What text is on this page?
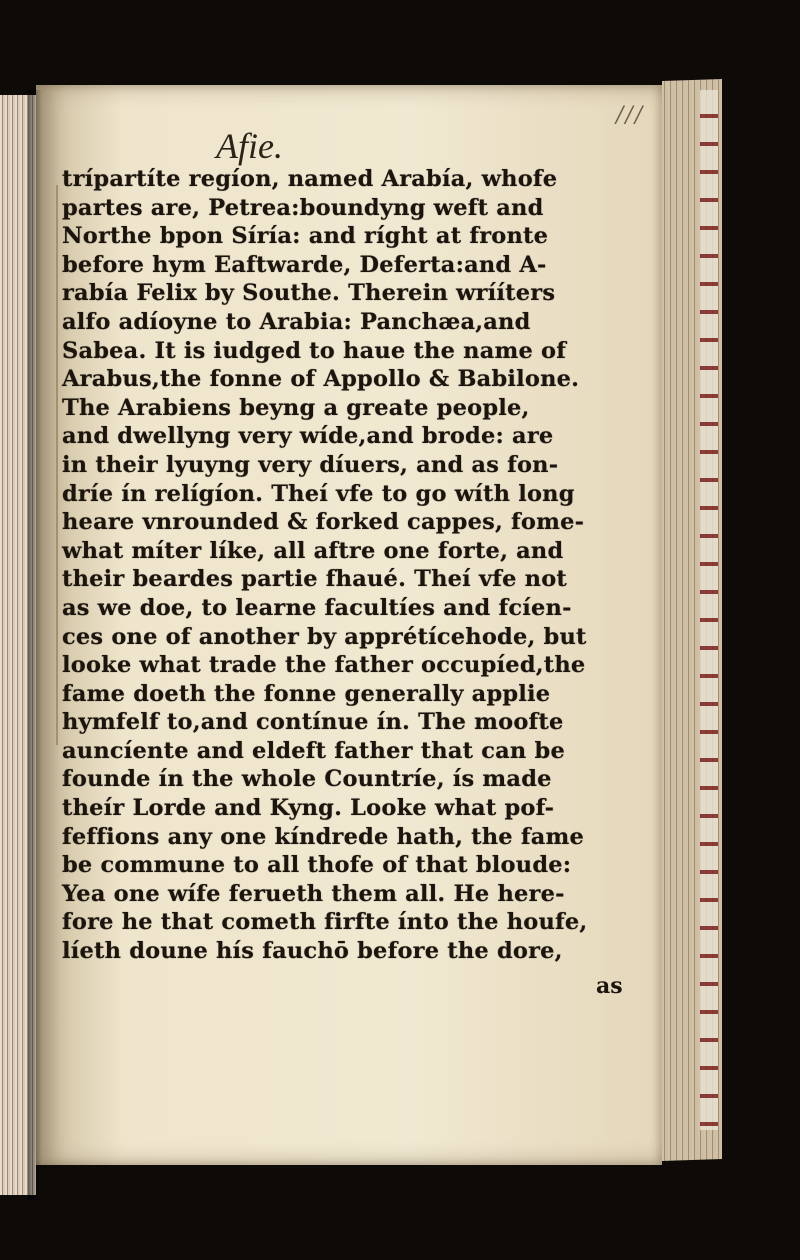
///
Afie.
trípartíte regíon, named Arabía, whofe
partes are, Petrea:boundyng weft and
Northe bpon Síría: and ríght at fronte
before hym Eaftwarde, Deferta:and A-
rabía Felix by Southe. Therein wrííters
alfo adíoyne to Arabia: Panchæa,and
Sabea. It is iudged to haue the name of
Arabus,the fonne of Appollo & Babilone.
The Arabiens beyng a greate people,
and dwellyng very wíde,and brode: are
in their lyuyng very díuers, and as fon-
dríe ín relígíon. Theí vfe to go wíth long
heare vnrounded & forked cappes, fome-
what míter líke, all aftre one forte, and
their beardes partie fhaué. Theí vfe not
as we doe, to learne facultíes and fcíen-
ces one of another by apprétícehode, but
looke what trade the father occupíed,the
fame doeth the fonne generally applie
hymfelf to,and contínue ín. The moofte
auncíente and eldeft father that can be
founde ín the whole Countríe, ís made
theír Lorde and Kyng. Looke what pof-
feffions any one kíndrede hath, the fame
be commune to all thofe of that bloude:
Yea one wífe ferueth them all. He here-
fore he that cometh firfte ínto the houfe,
líeth doune hís fauchō before the dore,
as
